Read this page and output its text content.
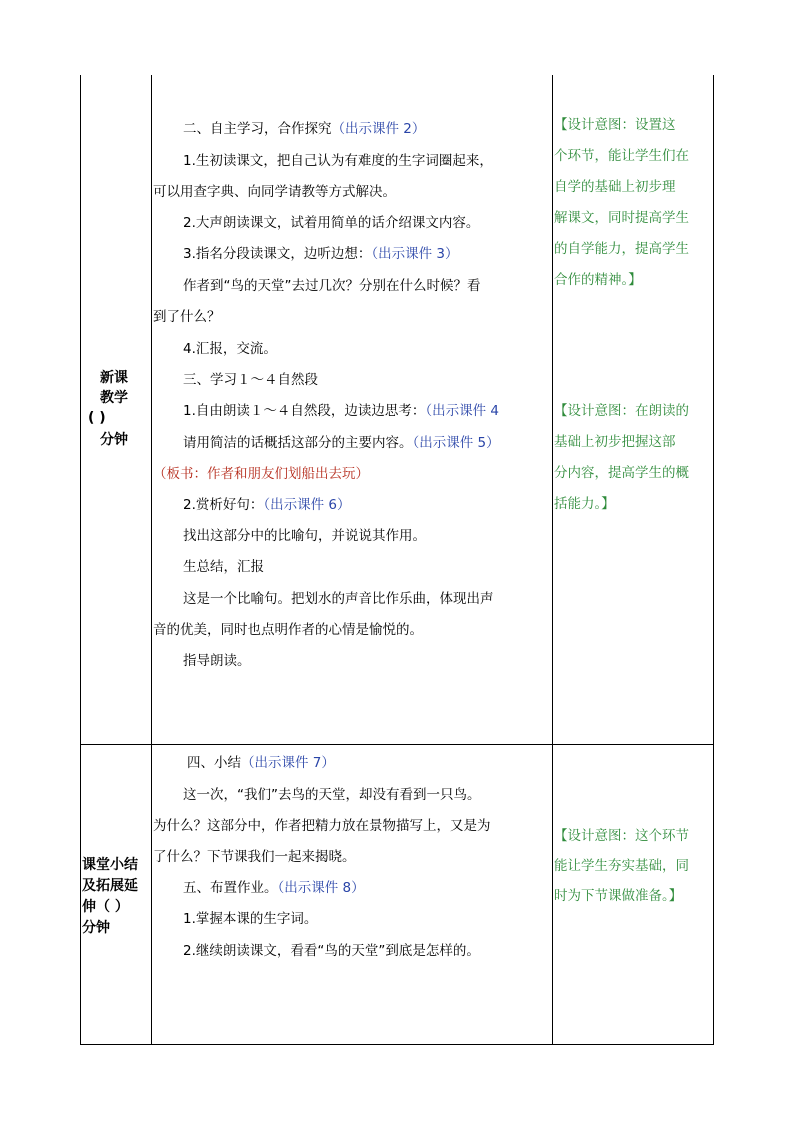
新课
教学
( )
分钟
二、自主学习，合作探究（出示课件 2）
1.生初读课文，把自己认为有难度的生字词圈起来，
可以用查字典、向同学请教等方式解决。
2.大声朗读课文，试着用简单的话介绍课文内容。
3.指名分段读课文，边听边想：（出示课件 3）
作者到“鸟的天堂”去过几次？分别在什么时候？看
到了什么？
4.汇报，交流。
三、学习１～４自然段
1.自由朗读１～４自然段，边读边思考：（出示课件 4
请用简洁的话概括这部分的主要内容。（出示课件 5）
（板书：作者和朋友们划船出去玩）
2.赏析好句：（出示课件 6）
找出这部分中的比喻句，并说说其作用。
生总结，汇报
这是一个比喻句。把划水的声音比作乐曲，体现出声
音的优美，同时也点明作者的心情是愉悦的。
指导朗读。
【设计意图：设置这
个环节，能让学生们在
自学的基础上初步理
解课文，同时提高学生
的自学能力，提高学生
合作的精神。】
【设计意图：在朗读的
基础上初步把握这部
分内容，提高学生的概
括能力。】
课堂小结
及拓展延
伸（ ）
分钟
四、小结（出示课件 7）
这一次，“我们”去鸟的天堂，却没有看到一只鸟。
为什么？这部分中，作者把精力放在景物描写上，又是为
了什么？下节课我们一起来揭晓。
五、布置作业。（出示课件 8）
1.掌握本课的生字词。
2.继续朗读课文，看看“鸟的天堂”到底是怎样的。
【设计意图：这个环节
能让学生夯实基础，同
时为下节课做准备。】
